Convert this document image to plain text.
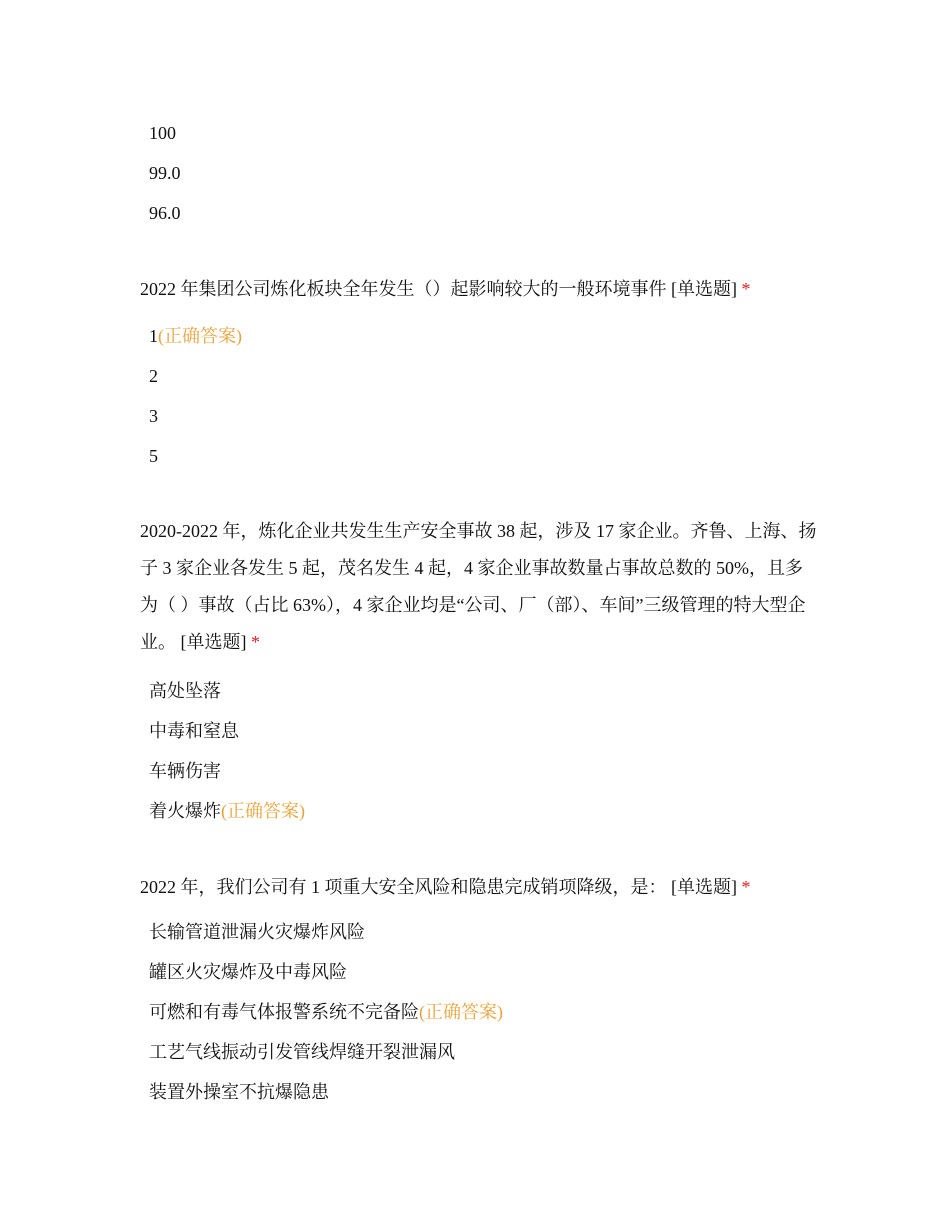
100
99.0
96.0
2022 年集团公司炼化板块全年发生（）起影响较大的一般环境事件 [单选题] *
1(正确答案)
2
3
5
2020-2022 年，炼化企业共发生生产安全事故 38 起，涉及 17 家企业。齐鲁、上海、扬子 3 家企业各发生 5 起，茂名发生 4 起，4 家企业事故数量占事故总数的 50%，且多为（ ）事故（占比 63%），4 家企业均是“公司、厂（部）、车间”三级管理的特大型企业。 [单选题] *
高处坠落
中毒和窒息
车辆伤害
着火爆炸(正确答案)
2022 年，我们公司有 1 项重大安全风险和隐患完成销项降级，是： [单选题] *
长输管道泄漏火灾爆炸风险
罐区火灾爆炸及中毒风险
可燃和有毒气体报警系统不完备险(正确答案)
工艺气线振动引发管线焊缝开裂泄漏风
装置外操室不抗爆隐患
